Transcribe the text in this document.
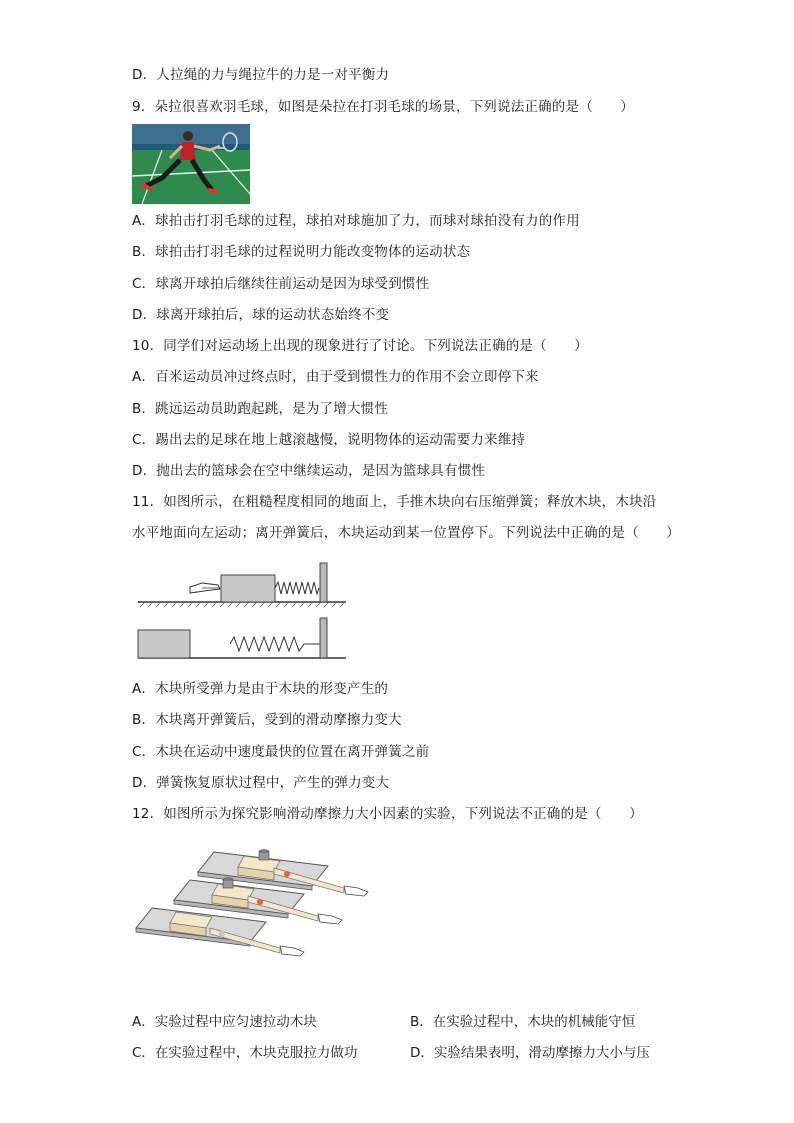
D．人拉绳的力与绳拉牛的力是一对平衡力
9．朵拉很喜欢羽毛球，如图是朵拉在打羽毛球的场景，下列说法正确的是（　　）
A．球拍击打羽毛球的过程，球拍对球施加了力，而球对球拍没有力的作用
B．球拍击打羽毛球的过程说明力能改变物体的运动状态
C．球离开球拍后继续往前运动是因为球受到惯性
D．球离开球拍后，球的运动状态始终不变
10．同学们对运动场上出现的现象进行了讨论。下列说法正确的是（　　）
A．百米运动员冲过终点时，由于受到惯性力的作用不会立即停下来
B．跳远运动员助跑起跳，是为了增大惯性
C．踢出去的足球在地上越滚越慢，说明物体的运动需要力来维持
D．抛出去的篮球会在空中继续运动，是因为篮球具有惯性
11．如图所示，在粗糙程度相同的地面上，手推木块向右压缩弹簧；释放木块，木块沿
水平地面向左运动；离开弹簧后，木块运动到某一位置停下。下列说法中正确的是（　　）
A．木块所受弹力是由于木块的形变产生的
B．木块离开弹簧后，受到的滑动摩擦力变大
C．木块在运动中速度最快的位置在离开弹簧之前
D．弹簧恢复原状过程中，产生的弹力变大
12．如图所示为探究影响滑动摩擦力大小因素的实验，下列说法不正确的是（　　）
A．实验过程中应匀速拉动木块	B．在实验过程中，木块的机械能守恒
C．在实验过程中，木块克服拉力做功	D．实验结果表明，滑动摩擦力大小与压
